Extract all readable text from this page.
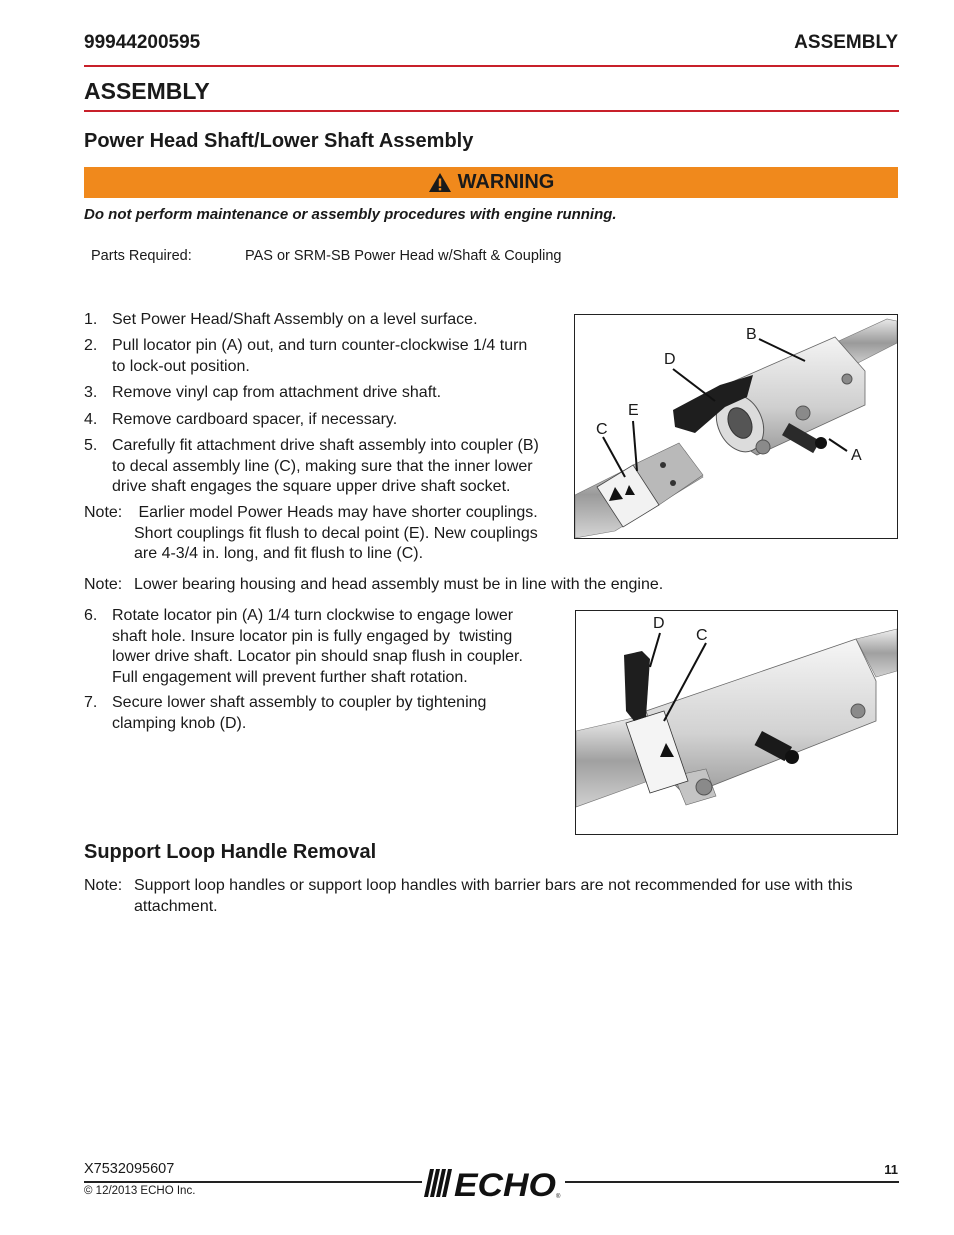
99944200595	ASSEMBLY
ASSEMBLY
Power Head Shaft/Lower Shaft Assembly
WARNING
Do not perform maintenance or assembly procedures with engine running.
Parts Required:	PAS or SRM-SB Power Head w/Shaft & Coupling
1. Set Power Head/Shaft Assembly on a level surface.
2. Pull locator pin (A) out, and turn counter-clockwise 1/4 turn
to lock-out position.
3. Remove vinyl cap from attachment drive shaft.
4. Remove cardboard spacer, if necessary.
5. Carefully fit attachment drive shaft assembly into coupler (B)
to decal assembly line (C), making sure that the inner lower
drive shaft engages the square upper drive shaft socket.
Note: Earlier model Power Heads may have shorter couplings.
Short couplings fit flush to decal point (E). New couplings
are 4-3/4 in. long, and fit flush to line (C).
B
D
E
C
A
Note: Lower bearing housing and head assembly must be in line with the engine.
6. Rotate locator pin (A) 1/4 turn clockwise to engage lower
shaft hole. Insure locator pin is fully engaged by  twisting
lower drive shaft. Locator pin should snap flush in coupler.
Full engagement will prevent further shaft rotation.
7. Secure lower shaft assembly to coupler by tightening
clamping knob (D).
D
C
Support Loop Handle Removal
Note: Support loop handles or support loop handles with barrier bars are not recommended for use with this
attachment.
X7532095607
© 12/2013 ECHO Inc.
11
ECHO ®
